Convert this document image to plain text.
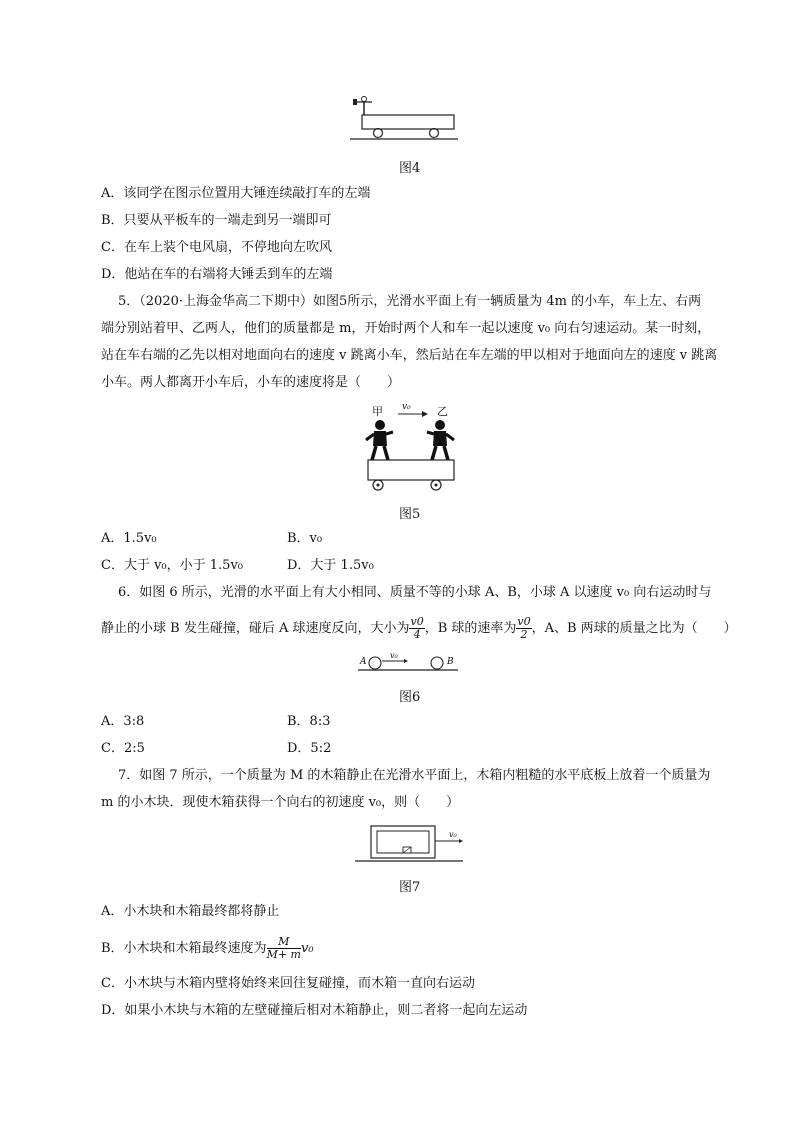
图4
A．该同学在图示位置用大锤连续敲打车的左端
B．只要从平板车的一端走到另一端即可
C．在车上装个电风扇，不停地向左吹风
D．他站在车的右端将大锤丢到车的左端
5．（2020·上海金华高二下期中）如图5所示，光滑水平面上有一辆质量为 4m 的小车，车上左、右两
端分别站着甲、乙两人，他们的质量都是 m，开始时两个人和车一起以速度 v₀ 向右匀速运动。某一时刻，
站在车右端的乙先以相对地面向右的速度 v 跳离小车，然后站在车左端的甲以相对于地面向左的速度 v 跳离
小车。两人都离开小车后，小车的速度将是（　　）
甲	乙
v₀
图5
A．1.5v₀	B．v₀
C．大于 v₀，小于 1.5v₀	D．大于 1.5v₀
6．如图 6 所示，光滑的水平面上有大小相同、质量不等的小球 A、B，小球 A 以速度 v₀ 向右运动时与
静止的小球 B 发生碰撞，碰后 A 球速度反向，大小为 $\frac{v0}{4}$ ，B 球的速率为 $\frac{v0}{2}$ ，A、B 两球的质量之比为（　　）
A	B
v₀
图6
A．3:8	B．8:3
C．2:5	D．5:2
7．如图 7 所示，一个质量为 M 的木箱静止在光滑水平面上，木箱内粗糙的水平底板上放着一个质量为
m 的小木块．现使木箱获得一个向右的初速度 v₀，则（　　）
v₀
图7
A．小木块和木箱最终都将静止
B．小木块和木箱最终速度为 $\frac{M}{M+ m} v_0$
C．小木块与木箱内壁将始终来回往复碰撞，而木箱一直向右运动
D．如果小木块与木箱的左壁碰撞后相对木箱静止，则二者将一起向左运动
